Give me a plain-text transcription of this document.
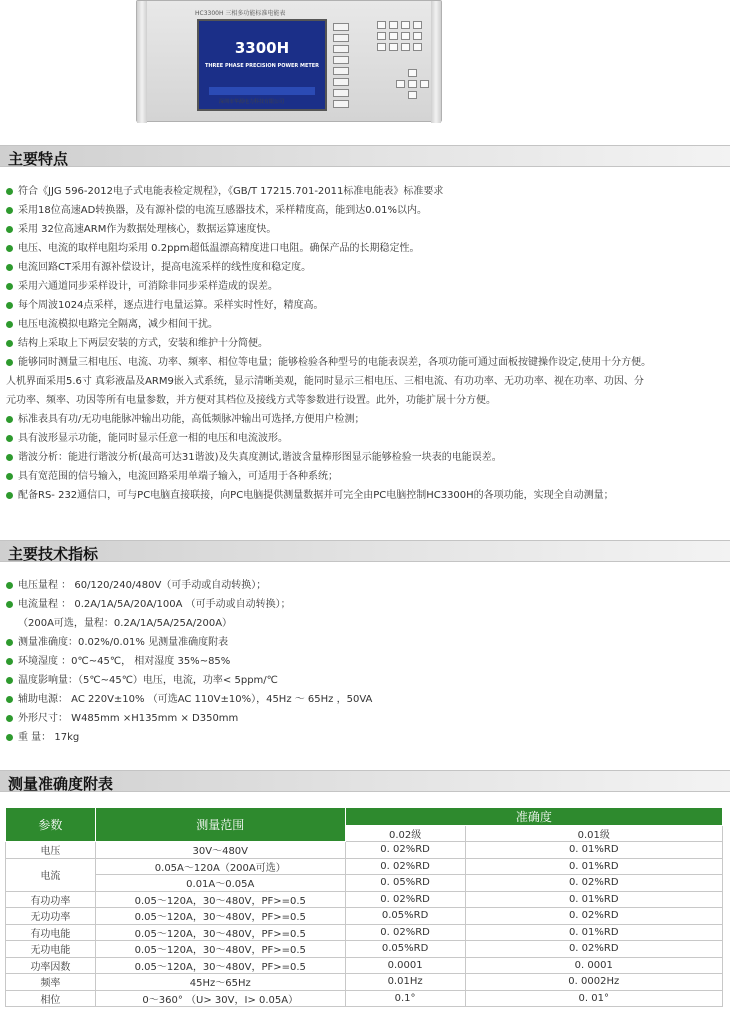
HC3300H 三相多功能标准电能表
3300H
THREE PHASE PRECISION POWER METER
深圳市华源电力科技有限公司
主要特点
符合《JJG 596-2012电子式电能表检定规程》，《GB/T 17215.701-2011标准电能表》标准要求
采用18位高速AD转换器，及有源补偿的电流互感器技术，采样精度高，能到达0.01%以内。
采用 32位高速ARM作为数据处理核心，数据运算速度快。
电压、电流的取样电阻均采用 0.2ppm超低温漂高精度进口电阻。确保产品的长期稳定性。
电流回路CT采用有源补偿设计，提高电流采样的线性度和稳定度。
采用六通道同步采样设计，可消除非同步采样造成的误差。
每个周波1024点采样，逐点进行电量运算。采样实时性好，精度高。
电压电流模拟电路完全隔离，减少相间干扰。
结构上采取上下两层安装的方式，安装和维护十分简便。
能够同时测量三相电压、电流、功率、频率、相位等电量；能够检验各种型号的电能表误差，各项功能可通过面板按键操作设定,使用十分方便。
人机界面采用5.6寸 真彩液晶及ARM9嵌入式系统，显示清晰美观，能同时显示三相电压、三相电流、有功功率、无功功率、视在功率、功因、分
元功率、频率、功因等所有电量参数，并方便对其档位及接线方式等参数进行设置。此外，功能扩展十分方便。
标准表具有功/无功电能脉冲输出功能，高低频脉冲输出可选择,方便用户检测；
具有波形显示功能，能同时显示任意一相的电压和电流波形。
谐波分析：能进行谐波分析(最高可达31谐波)及失真度测试,谐波含量棒形图显示能够检验一块表的电能误差。
具有宽范围的信号输入，电流回路采用单端子输入，可适用于各种系统；
配备RS- 232通信口，可与PC电脑直接联接，向PC电脑提供测量数据并可完全由PC电脑控制HC3300H的各项功能，实现全自动测量；
主要技术指标
电压量程 ： 60/120/240/480V（可手动或自动转换）；
电流量程 ： 0.2A/1A/5A/20A/100A （可手动或自动转换）；
（200A可选，量程：0.2A/1A/5A/25A/200A）
测量准确度：0.02%/0.01% 见测量准确度附表
环境湿度 ：0℃~45℃， 相对湿度 35%~85%
温度影响量：（5℃~45℃）电压，电流，功率< 5ppm/℃
辅助电源： AC 220V±10% （可选AC 110V±10%），45Hz ～ 65Hz ，50VA
外形尺寸： W485mm ×H135mm × D350mm
重 量： 17kg
测量准确度附表
参数	测量范围	准确度	
		0.02级	0.01级
电压	30V～480V	0. 02%RD	0. 01%RD
电流	0.05A～120A（200A可选）	0. 02%RD	0. 01%RD
	0.01A～0.05A	0. 05%RD	0. 02%RD
有功功率	0.05～120A，30～480V，PF>=0.5	0. 02%RD	0. 01%RD
无功功率	0.05～120A，30～480V，PF>=0.5	0.05%RD	0. 02%RD
有功电能	0.05～120A，30～480V，PF>=0.5	0. 02%RD	0. 01%RD
无功电能	0.05～120A，30～480V，PF>=0.5	0.05%RD	0. 02%RD
功率因数	0.05～120A，30～480V，PF>=0.5	0.0001	0. 0001
频率	45Hz～65Hz	0.01Hz	0. 0002Hz
相位	0～360° （U> 30V，I> 0.05A）	0.1°	0. 01°
